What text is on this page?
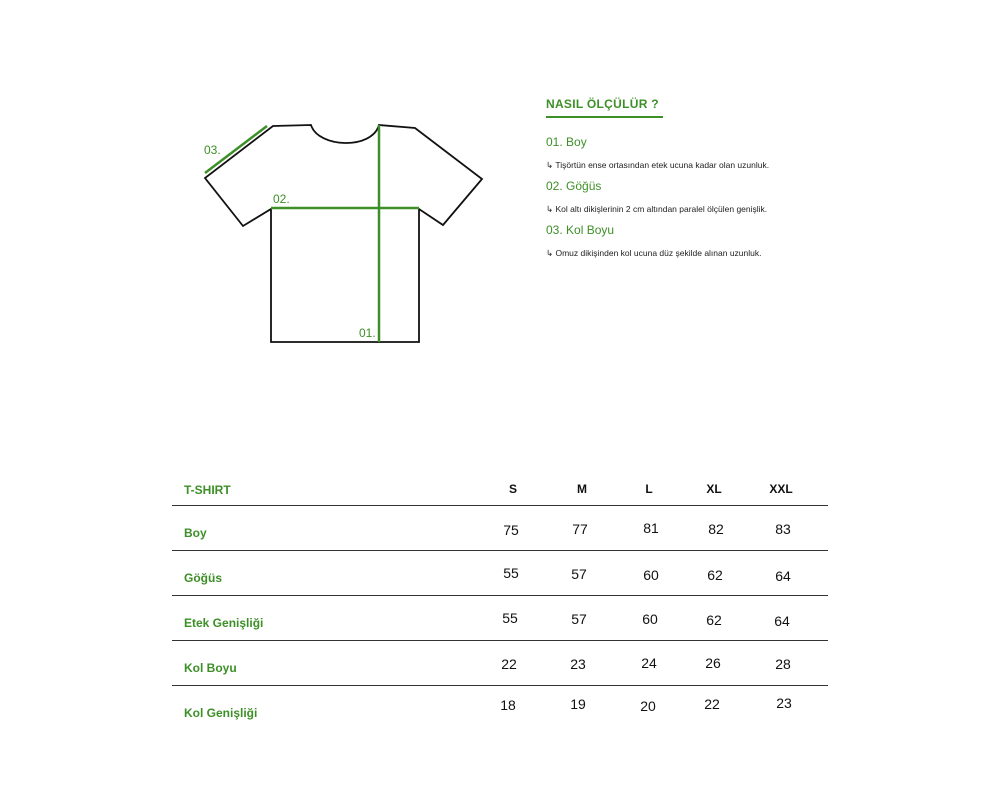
01.
02.
03.
NASIL ÖLÇÜLÜR ?
01. Boy
↳ Tişörtün ense ortasından etek ucuna kadar olan uzunluk.
02. Göğüs
↳ Kol altı dikişlerinin 2 cm altından paralel ölçülen genişlik.
03. Kol Boyu
↳ Omuz dikişinden kol ucuna düz şekilde alınan uzunluk.
T-SHIRT	S	M	L	XL	XXL
Boy	75	77	81	82	83
Göğüs	55	57	60	62	64
Etek Genişliği	55	57	60	62	64
Kol Boyu	22	23	24	26	28
Kol Genişliği	18	19	20	22	23
